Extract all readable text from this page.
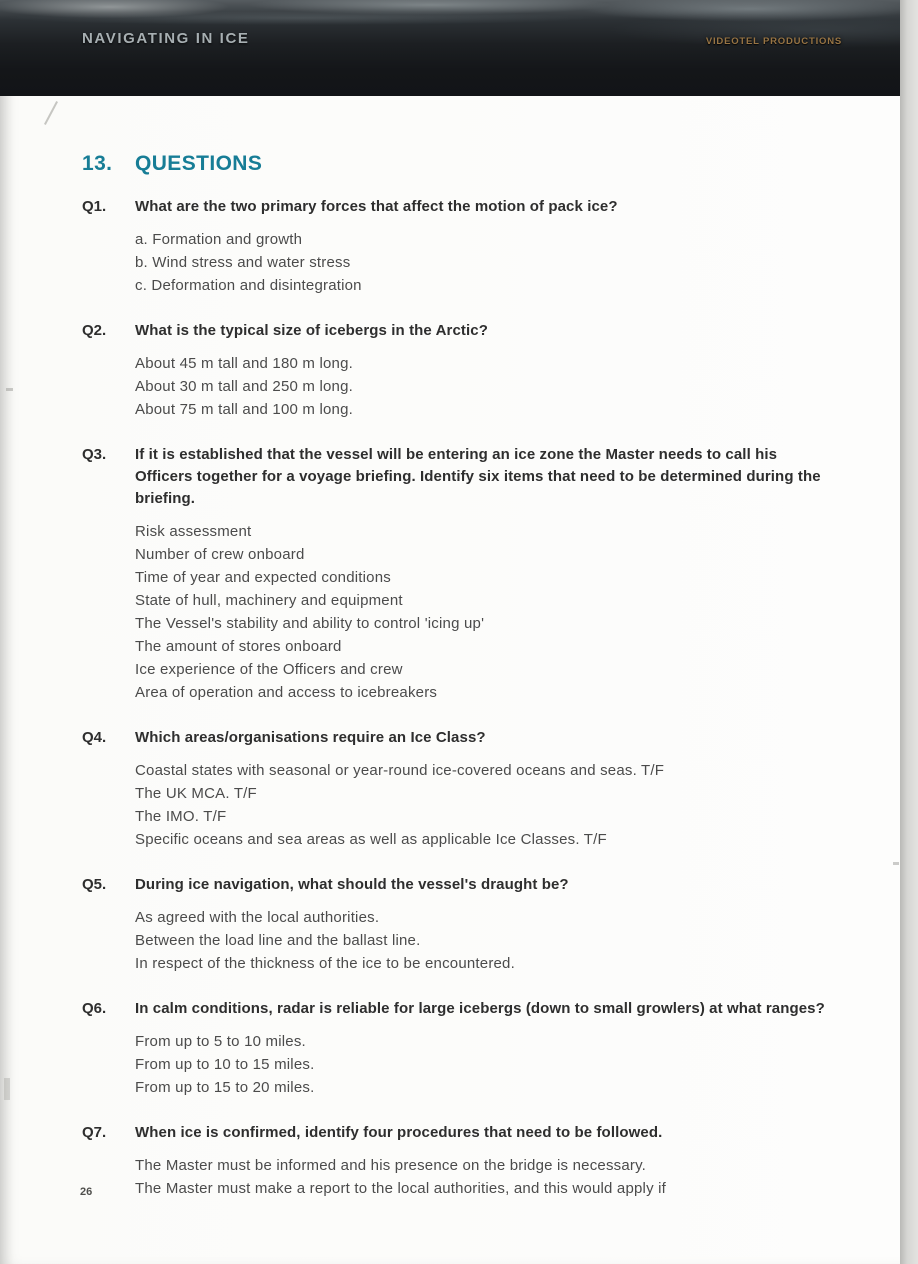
NAVIGATING IN ICE	VIDEOTEL PRODUCTIONS
13.	QUESTIONS
Q1.	What are the two primary forces that affect the motion of pack ice?
a. Formation and growth
b. Wind stress and water stress
c. Deformation and disintegration
Q2.	What is the typical size of icebergs in the Arctic?
About 45 m tall and 180 m long.
About 30 m tall and 250 m long.
About 75 m tall and 100 m long.
Q3.	If it is established that the vessel will be entering an ice zone the Master needs to call his Officers together for a voyage briefing. Identify six items that need to be determined during the briefing.
Risk assessment
Number of crew onboard
Time of year and expected conditions
State of hull, machinery and equipment
The Vessel's stability and ability to control 'icing up'
The amount of stores onboard
Ice experience of the Officers and crew
Area of operation and access to icebreakers
Q4.	Which areas/organisations require an Ice Class?
Coastal states with seasonal or year-round ice-covered oceans and seas. T/F
The UK MCA. T/F
The IMO. T/F
Specific oceans and sea areas as well as applicable Ice Classes. T/F
Q5.	During ice navigation, what should the vessel's draught be?
As agreed with the local authorities.
Between the load line and the ballast line.
In respect of the thickness of the ice to be encountered.
Q6.	In calm conditions, radar is reliable for large icebergs (down to small growlers) at what ranges?
From up to 5 to 10 miles.
From up to 10 to 15 miles.
From up to 15 to 20 miles.
Q7.	When ice is confirmed, identify four procedures that need to be followed.
The Master must be informed and his presence on the bridge is necessary.
The Master must make a report to the local authorities, and this would apply if
26
